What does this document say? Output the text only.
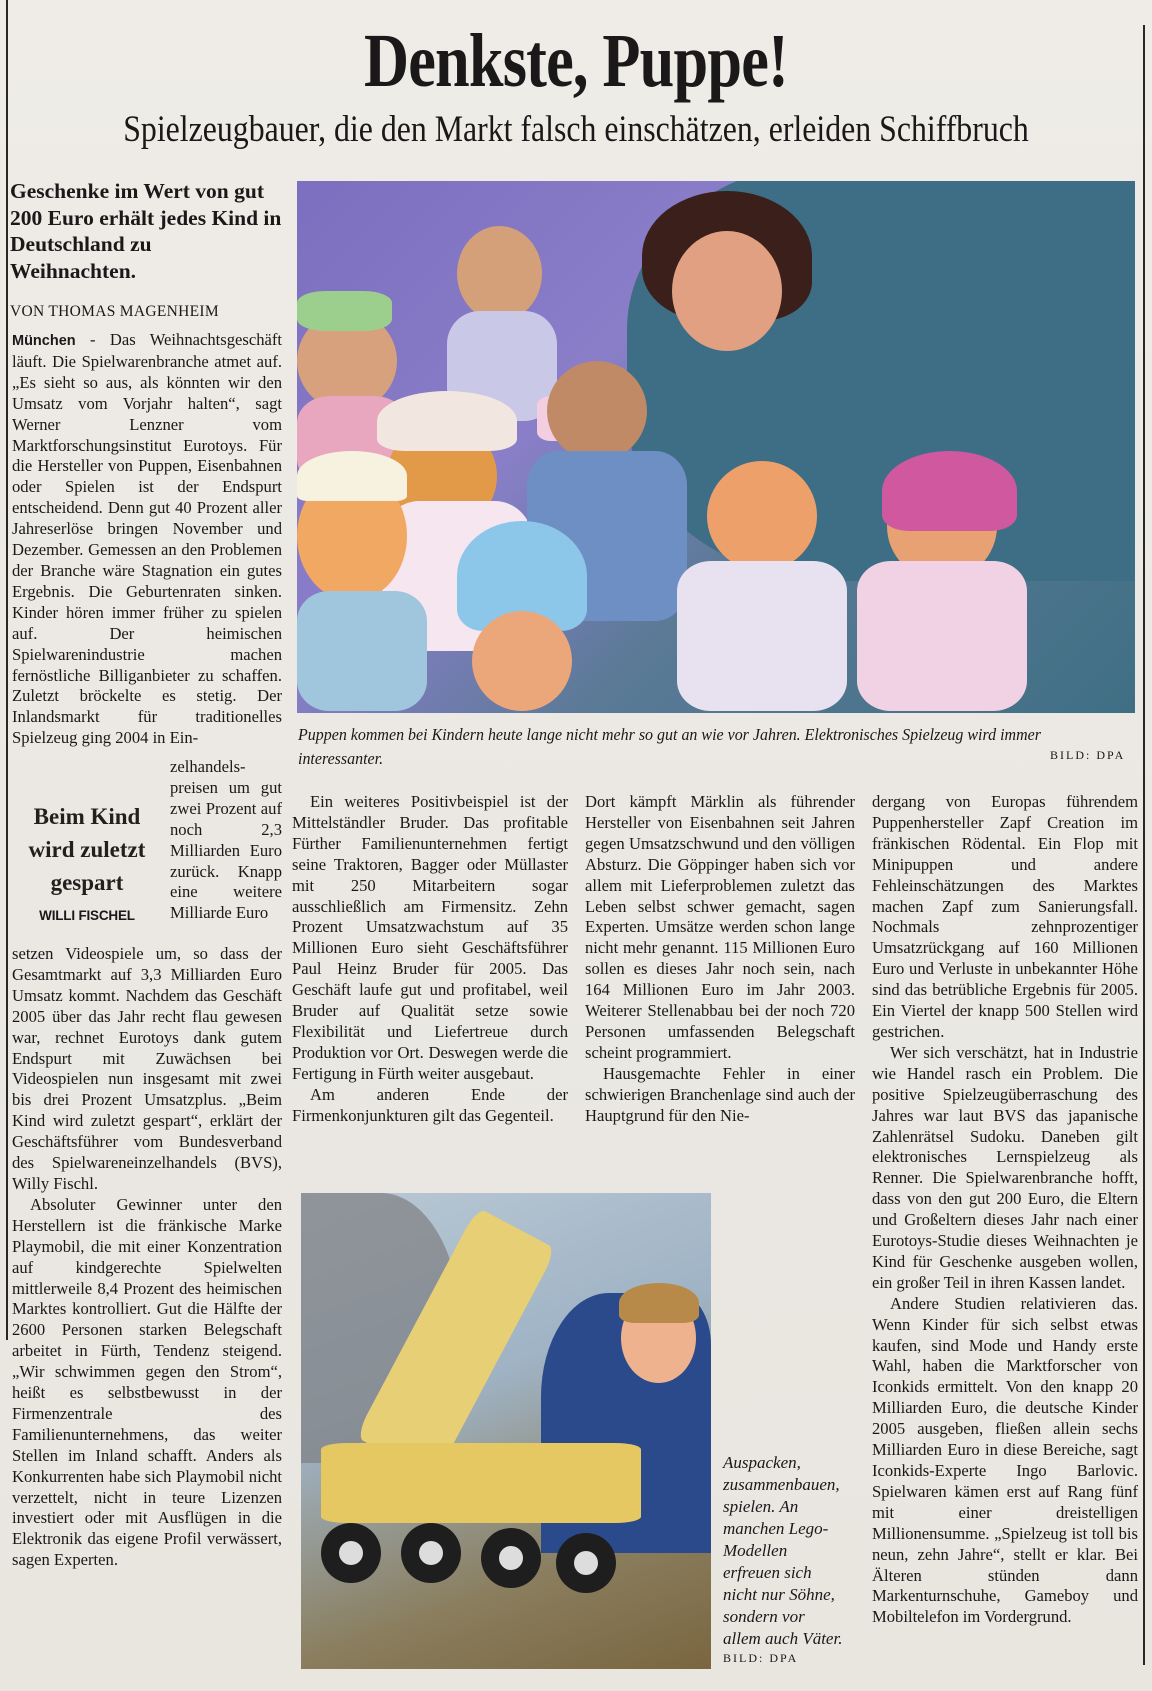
Denkste, Puppe!
Spielzeugbauer, die den Markt falsch einschätzen, erleiden Schiffbruch
Geschenke im Wert von gut 200 Euro erhält jedes Kind in Deutschland zu Weihnachten.
VON THOMAS MAGENHEIM

München - Das Weihnachtsgeschäft läuft. Die Spielwarenbranche atmet auf. „Es sieht so aus, als könnten wir den Umsatz vom Vorjahr halten“, sagt Werner Lenzner vom Marktforschungsinstitut Eurotoys. Für die Hersteller von Puppen, Eisenbahnen oder Spielen ist der Endspurt entscheidend. Denn gut 40 Prozent aller Jahreserlöse bringen November und Dezember. Gemessen an den Problemen der Branche wäre Stagnation ein gutes Ergebnis. Die Geburtenraten sinken. Kinder hören immer früher zu spielen auf. Der heimischen Spielwarenindustrie machen fernöstliche Billiganbieter zu schaffen. Zuletzt bröckelte es stetig. Der Inlandsmarkt für traditionelles Spielzeug ging 2004 in Ein-

Beim Kind wird zuletzt gespart
WILLI FISCHEL

zelhandels-preisen um gut zwei Prozent auf noch 2,3 Milliarden Euro zurück. Knapp eine weitere Milliarde Euro

setzen Videospiele um, so dass der Gesamtmarkt auf 3,3 Milliarden Euro Umsatz kommt. Nachdem das Geschäft 2005 über das Jahr recht flau gewesen war, rechnet Eurotoys dank gutem Endspurt mit Zuwächsen bei Videospielen nun insgesamt mit zwei bis drei Prozent Umsatzplus. „Beim Kind wird zuletzt gespart“, erklärt der Geschäftsführer vom Bundesverband des Spielwareneinzelhandels (BVS), Willy Fischl.

Absoluter Gewinner unter den Herstellern ist die fränkische Marke Playmobil, die mit einer Konzentration auf kindgerechte Spielwelten mittlerweile 8,4 Prozent des heimischen Marktes kontrolliert. Gut die Hälfte der 2600 Personen starken Belegschaft arbeitet in Fürth, Tendenz steigend. „Wir schwimmen gegen den Strom“, heißt es selbstbewusst in der Firmenzentrale des Familienunternehmens, das weiter Stellen im Inland schafft. Anders als Konkurrenten habe sich Playmobil nicht verzettelt, nicht in teure Lizenzen investiert oder mit Ausflügen in die Elektronik das eigene Profil verwässert, sagen Experten.

Puppen kommen bei Kindern heute lange nicht mehr so gut an wie vor Jahren. Elektronisches Spielzeug wird immer interessanter.	BILD: DPA

Ein weiteres Positivbeispiel ist der Mittelständler Bruder. Das profitable Fürther Familienunternehmen fertigt seine Traktoren, Bagger oder Müllaster mit 250 Mitarbeitern sogar ausschließlich am Firmensitz. Zehn Prozent Umsatzwachstum auf 35 Millionen Euro sieht Geschäftsführer Paul Heinz Bruder für 2005. Das Geschäft laufe gut und profitabel, weil Bruder auf Qualität setze sowie Flexibilität und Liefertreue durch Produktion vor Ort. Deswegen werde die Fertigung in Fürth weiter ausgebaut.

Am anderen Ende der Firmenkonjunkturen gilt das Gegenteil.

Dort kämpft Märklin als führender Hersteller von Eisenbahnen seit Jahren gegen Umsatzschwund und den völligen Absturz. Die Göppinger haben sich vor allem mit Lieferproblemen zuletzt das Leben selbst schwer gemacht, sagen Experten. Umsätze werden schon lange nicht mehr genannt. 115 Millionen Euro sollen es dieses Jahr noch sein, nach 164 Millionen Euro im Jahr 2003. Weiterer Stellenabbau bei der noch 720 Personen umfassenden Belegschaft scheint programmiert.

Hausgemachte Fehler in einer schwierigen Branchenlage sind auch der Hauptgrund für den Nie-

dergang von Europas führendem Puppenhersteller Zapf Creation im fränkischen Rödental. Ein Flop mit Minipuppen und andere Fehleinschätzungen des Marktes machen Zapf zum Sanierungsfall. Nochmals zehnprozentiger Umsatzrückgang auf 160 Millionen Euro und Verluste in unbekannter Höhe sind das betrübliche Ergebnis für 2005. Ein Viertel der knapp 500 Stellen wird gestrichen.

Wer sich verschätzt, hat in Industrie wie Handel rasch ein Problem. Die positive Spielzeugüberraschung des Jahres war laut BVS das japanische Zahlenrätsel Sudoku. Daneben gilt elektronisches Lernspielzeug als Renner. Die Spielwarenbranche hofft, dass von den gut 200 Euro, die Eltern und Großeltern dieses Jahr nach einer Eurotoys-Studie dieses Weihnachten je Kind für Geschenke ausgeben wollen, ein großer Teil in ihren Kassen landet.

Andere Studien relativieren das. Wenn Kinder für sich selbst etwas kaufen, sind Mode und Handy erste Wahl, haben die Marktforscher von Iconkids ermittelt. Von den knapp 20 Milliarden Euro, die deutsche Kinder 2005 ausgeben, fließen allein sechs Milliarden Euro in diese Bereiche, sagt Iconkids-Experte Ingo Barlovic. Spielwaren kämen erst auf Rang fünf mit einer dreistelligen Millionensumme. „Spielzeug ist toll bis neun, zehn Jahre“, stellt er klar. Bei Älteren stünden dann Markenturnschuhe, Gameboy und Mobiltelefon im Vordergrund.

Auspacken, zusammenbauen, spielen. An manchen Lego-Modellen erfreuen sich nicht nur Söhne, sondern vor allem auch Väter.
BILD: DPA
